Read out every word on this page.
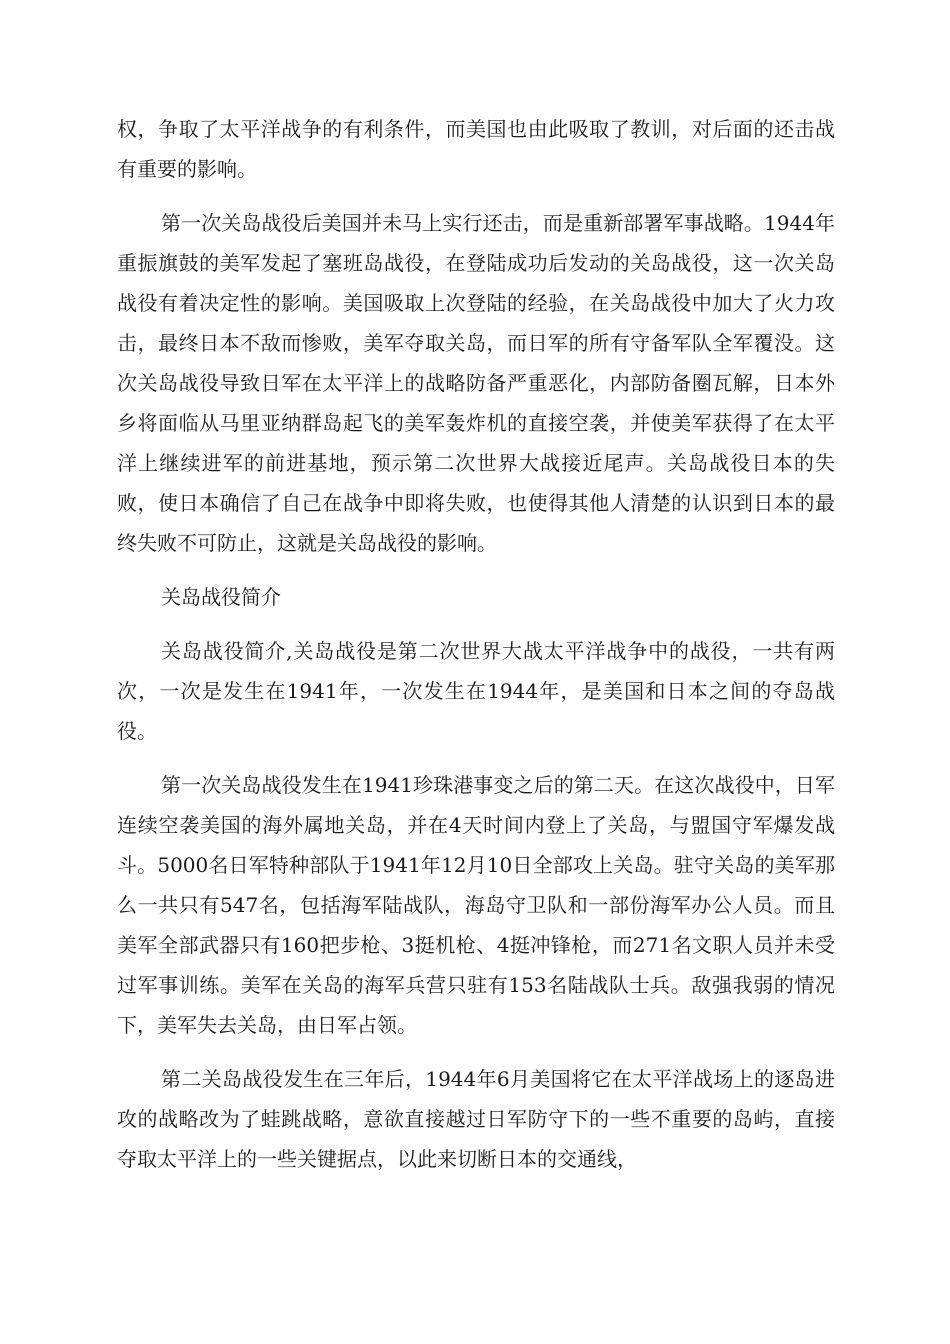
权，争取了太平洋战争的有利条件，而美国也由此吸取了教训，对后面的还击战有重要的影响。

第一次关岛战役后美国并未马上实行还击，而是重新部署军事战略。1944年重振旗鼓的美军发起了塞班岛战役，在登陆成功后发动的关岛战役，这一次关岛战役有着决定性的影响。美国吸取上次登陆的经验，在关岛战役中加大了火力攻击，最终日本不敌而惨败，美军夺取关岛，而日军的所有守备军队全军覆没。这次关岛战役导致日军在太平洋上的战略防备严重恶化，内部防备圈瓦解，日本外乡将面临从马里亚纳群岛起飞的美军轰炸机的直接空袭，并使美军获得了在太平洋上继续进军的前进基地，预示第二次世界大战接近尾声。关岛战役日本的失败，使日本确信了自己在战争中即将失败，也使得其他人清楚的认识到日本的最终失败不可防止，这就是关岛战役的影响。

关岛战役简介

关岛战役简介,关岛战役是第二次世界大战太平洋战争中的战役，一共有两次，一次是发生在1941年，一次发生在1944年，是美国和日本之间的夺岛战役。

第一次关岛战役发生在1941珍珠港事变之后的第二天。在这次战役中，日军连续空袭美国的海外属地关岛，并在4天时间内登上了关岛，与盟国守军爆发战斗。5000名日军特种部队于1941年12月10日全部攻上关岛。驻守关岛的美军那么一共只有547名，包括海军陆战队，海岛守卫队和一部份海军办公人员。而且美军全部武器只有160把步枪、3挺机枪、4挺冲锋枪，而271名文职人员并未受过军事训练。美军在关岛的海军兵营只驻有153名陆战队士兵。敌强我弱的情况下，美军失去关岛，由日军占领。

第二关岛战役发生在三年后，1944年6月美国将它在太平洋战场上的逐岛进攻的战略改为了蛙跳战略，意欲直接越过日军防守下的一些不重要的岛屿，直接夺取太平洋上的一些关键据点，以此来切断日本的交通线，
